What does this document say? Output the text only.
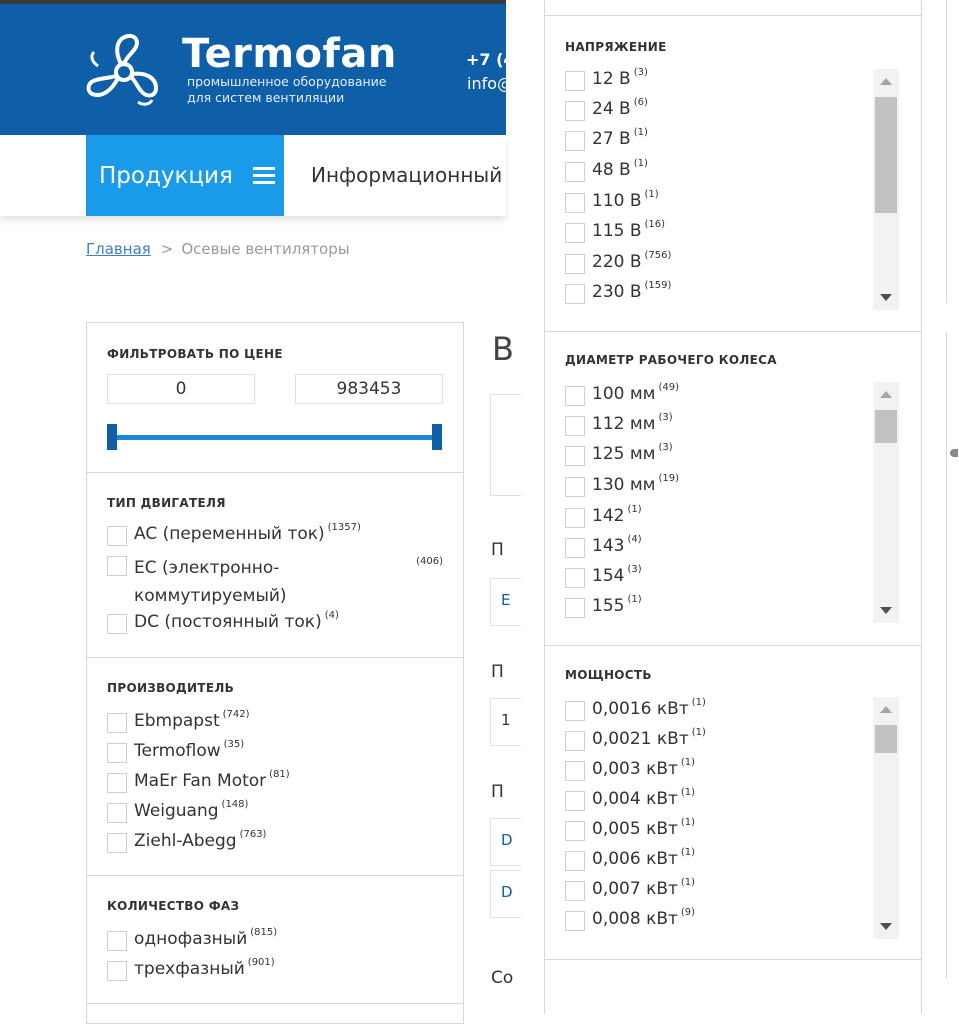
Termofan
промышленное оборудование
для систем вентиляции
+7 (4
info@
Продукция	Информационный
Главная > Осевые вентиляторы
ФИЛЬТРОВАТЬ ПО ЦЕНЕ
0	983453
ТИП ДВИГАТЕЛЯ
AC (переменный ток) $^{(1357)}$
EC (электронно-
коммутируемый)
(406)
DC (постоянный ток) $^{(4)}$
ПРОИЗВОДИТЕЛЬ
Ebmpapst $^{(742)}$
Termoflow $^{(35)}$
MaEr Fan Motor $^{(81)}$
Weiguang $^{(148)}$
Ziehl-Abegg $^{(763)}$
КОЛИЧЕСТВО ФАЗ
однофазный $^{(815)}$
трехфазный $^{(901)}$
В
П
Е
П
1
П
D
D
Со
НАПРЯЖЕНИЕ
12 В $^{(3)}$
24 В $^{(6)}$
27 В $^{(1)}$
48 В $^{(1)}$
110 В $^{(1)}$
115 В $^{(16)}$
220 В $^{(756)}$
230 В $^{(159)}$
ДИАМЕТР РАБОЧЕГО КОЛЕСА
100 мм $^{(49)}$
112 мм $^{(3)}$
125 мм $^{(3)}$
130 мм $^{(19)}$
142 $^{(1)}$
143 $^{(4)}$
154 $^{(3)}$
155 $^{(1)}$
МОЩНОСТЬ
0,0016 кВт $^{(1)}$
0,0021 кВт $^{(1)}$
0,003 кВт $^{(1)}$
0,004 кВт $^{(1)}$
0,005 кВт $^{(1)}$
0,006 кВт $^{(1)}$
0,007 кВт $^{(1)}$
0,008 кВт $^{(9)}$
